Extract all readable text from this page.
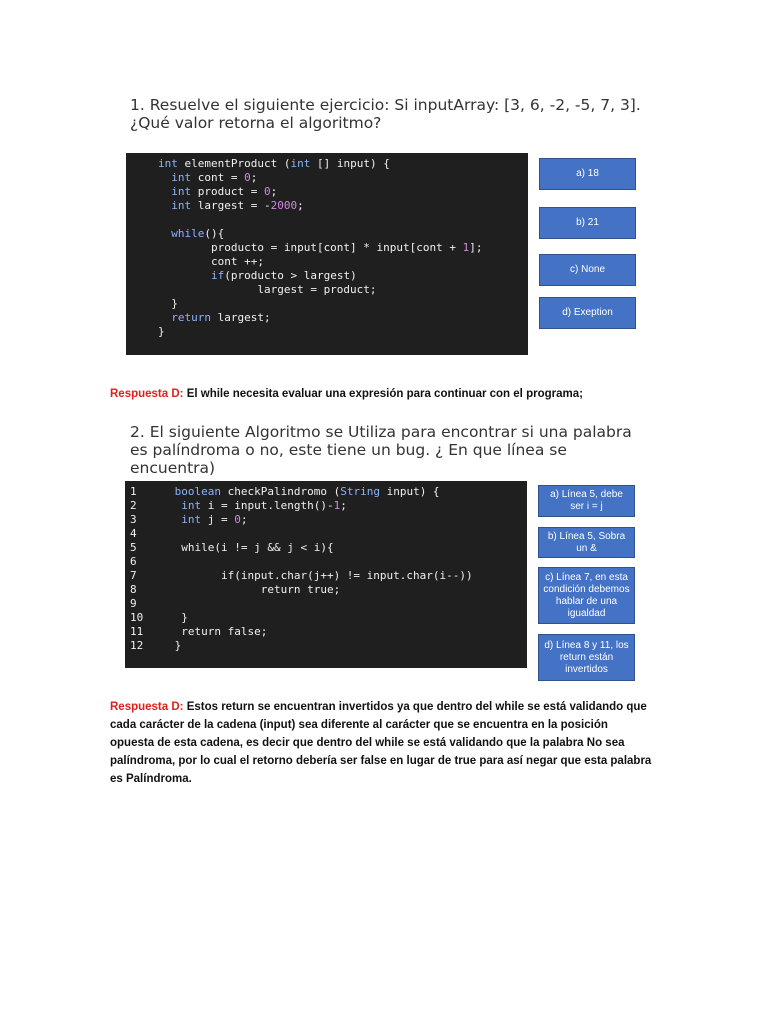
1. Resuelve el siguiente ejercicio: Si inputArray: [3, 6, -2, -5, 7, 3]. ¿Qué valor retorna el algoritmo?
int elementProduct (int [] input) {
int cont = 0;
int product = 0;
int largest = -2000;
while(){
producto = input[cont] * input[cont + 1];
cont ++;
if(producto > largest)
largest = product;
}
return largest;
}
a) 18
b) 21
c) None
d) Exeption

Respuesta D: El while necesita evaluar una expresión para continuar con el programa;

2. El siguiente Algoritmo se Utiliza para encontrar si una palabra es palíndroma o no, este tiene un bug. ¿ En que línea se encuentra)
1	boolean checkPalindromo (String input) {
2	int i = input.length()-1;
3	int j = 0;
4
5	while(i != j && j < i){
6
7	if(input.char(j++) != input.char(i--))
8	return true;
9
10  }
11  return false;
12 }
a) Línea 5, debe ser i = j
b) Línea 5, Sobra un &
c) Línea 7, en esta condición debemos hablar de una igualdad
d) Línea 8 y 11, los return están invertidos

Respuesta D: Estos return se encuentran invertidos ya que dentro del while se está validando que cada carácter de la cadena (input) sea diferente al carácter que se encuentra en la posición opuesta de esta cadena, es decir que dentro del while se está validando que la palabra No sea palíndroma, por lo cual el retorno debería ser false en lugar de true para así negar que esta palabra es Palíndroma.
